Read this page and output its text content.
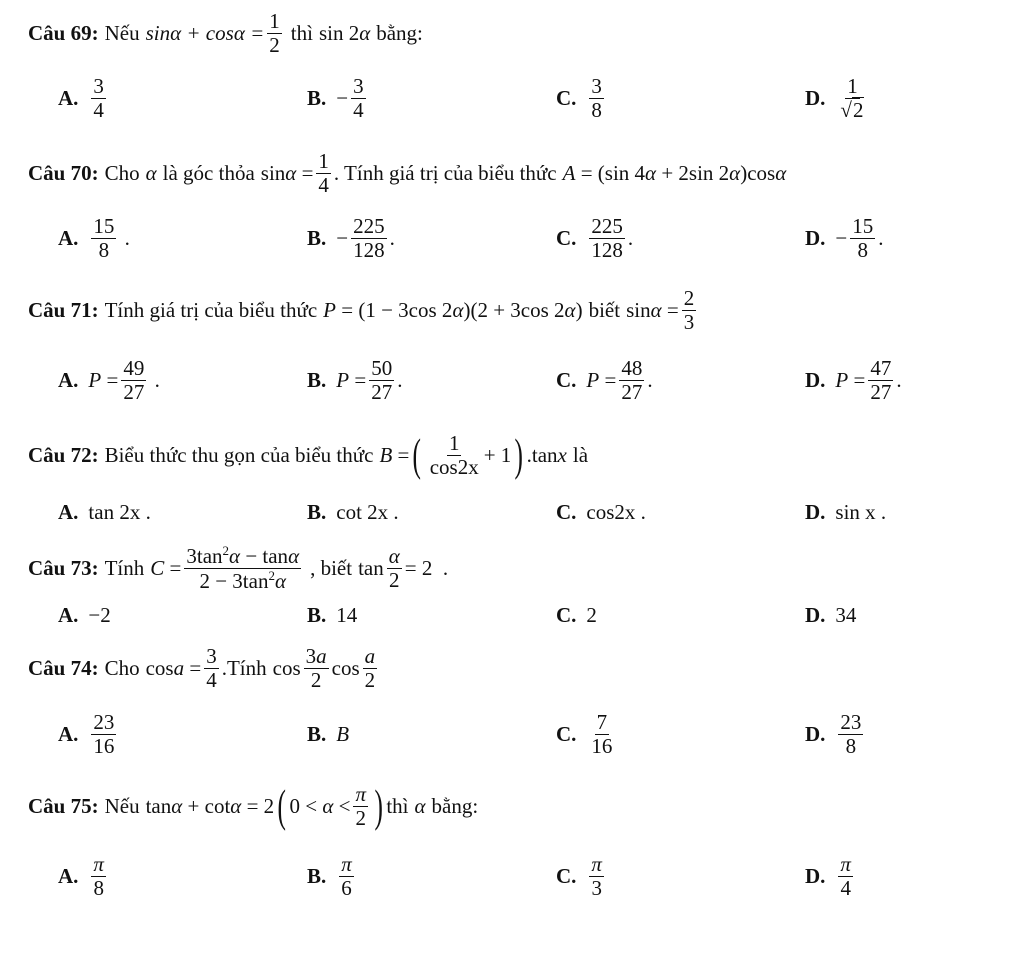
Câu 69: Nếu $\sin\alpha + \cos\alpha = \frac{1}{2}$ thì sin 2α bằng:
A. $\frac{3}{4}$	B. − $\frac{3}{4}$	C. $\frac{3}{8}$	D. $\frac{1}{√2}$
Câu 70: Cho α là góc thỏa $\sin\alpha = \frac{1}{4}$ . Tính giá trị của biểu thức A = (sin 4α + 2sin 2α)cosα
A. $\frac{15}{8}$ .	B. − $\frac{225}{128}$ .	C. $\frac{225}{128}$ .	D. − $\frac{15}{8}$ .
Câu 71: Tính giá trị của biểu thức P = (1 − 3cos 2α)(2 + 3cos 2α) biết $\sin\alpha = \frac{2}{3}$
A. $P = \frac{49}{27}$ .	B. $P = \frac{50}{27}$ .	C. $P = \frac{48}{27}$ .	D. $P = \frac{47}{27}$ .
Câu 72: Biểu thức thu gọn của biểu thức B = ( $\frac{1}{\cos 2x} + 1$ ) .tanx là
A. tan 2x .	B. cot 2x .	C. cos2x .	D. sin x .
Câu 73: Tính $C = \frac{3\tan^2\alpha - \tan\alpha}{2 - 3\tan^2\alpha}$ , biết $\tan \frac{\alpha}{2} = 2$  .
A. −2	B. 14	C. 2	D. 34
Câu 74: Cho $\cos a = \frac{3}{4}$ .Tính $\cos \frac{3a}{2}$ $\cos \frac{a}{2}$
A. $\frac{23}{16}$	B. B	C. $\frac{7}{16}$	D. $\frac{23}{8}$
Câu 75: Nếu tanα + cotα = 2 ( $0 < \alpha < \frac{\pi}{2}$ ) thì α bằng:
A. $\frac{\pi}{8}$	B. $\frac{\pi}{6}$	C. $\frac{\pi}{3}$	D. $\frac{\pi}{4}$
